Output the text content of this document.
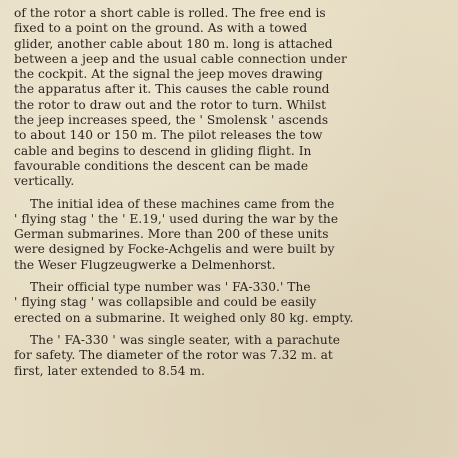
of the rotor a short cable is rolled. The free end is
fixed to a point on the ground. As with a towed
glider, another cable about 180 m. long is attached
between a jeep and the usual cable connection under
the cockpit. At the signal the jeep moves drawing
the apparatus after it. This causes the cable round
the rotor to draw out and the rotor to turn. Whilst
the jeep increases speed, the ' Smolensk ' ascends
to about 140 or 150 m. The pilot releases the tow
cable and begins to descend in gliding flight. In
favourable conditions the descent can be made
vertically.
The initial idea of these machines came from the
' flying stag ' the ' E.19,' used during the war by the
German submarines. More than 200 of these units
were designed by Focke-Achgelis and were built by
the Weser Flugzeugwerke a Delmenhorst.
Their official type number was ' FA-330.' The
' flying stag ' was collapsible and could be easily
erected on a submarine. It weighed only 80 kg. empty.
The ' FA-330 ' was single seater, with a parachute
for safety. The diameter of the rotor was 7.32 m. at
first, later extended to 8.54 m.
